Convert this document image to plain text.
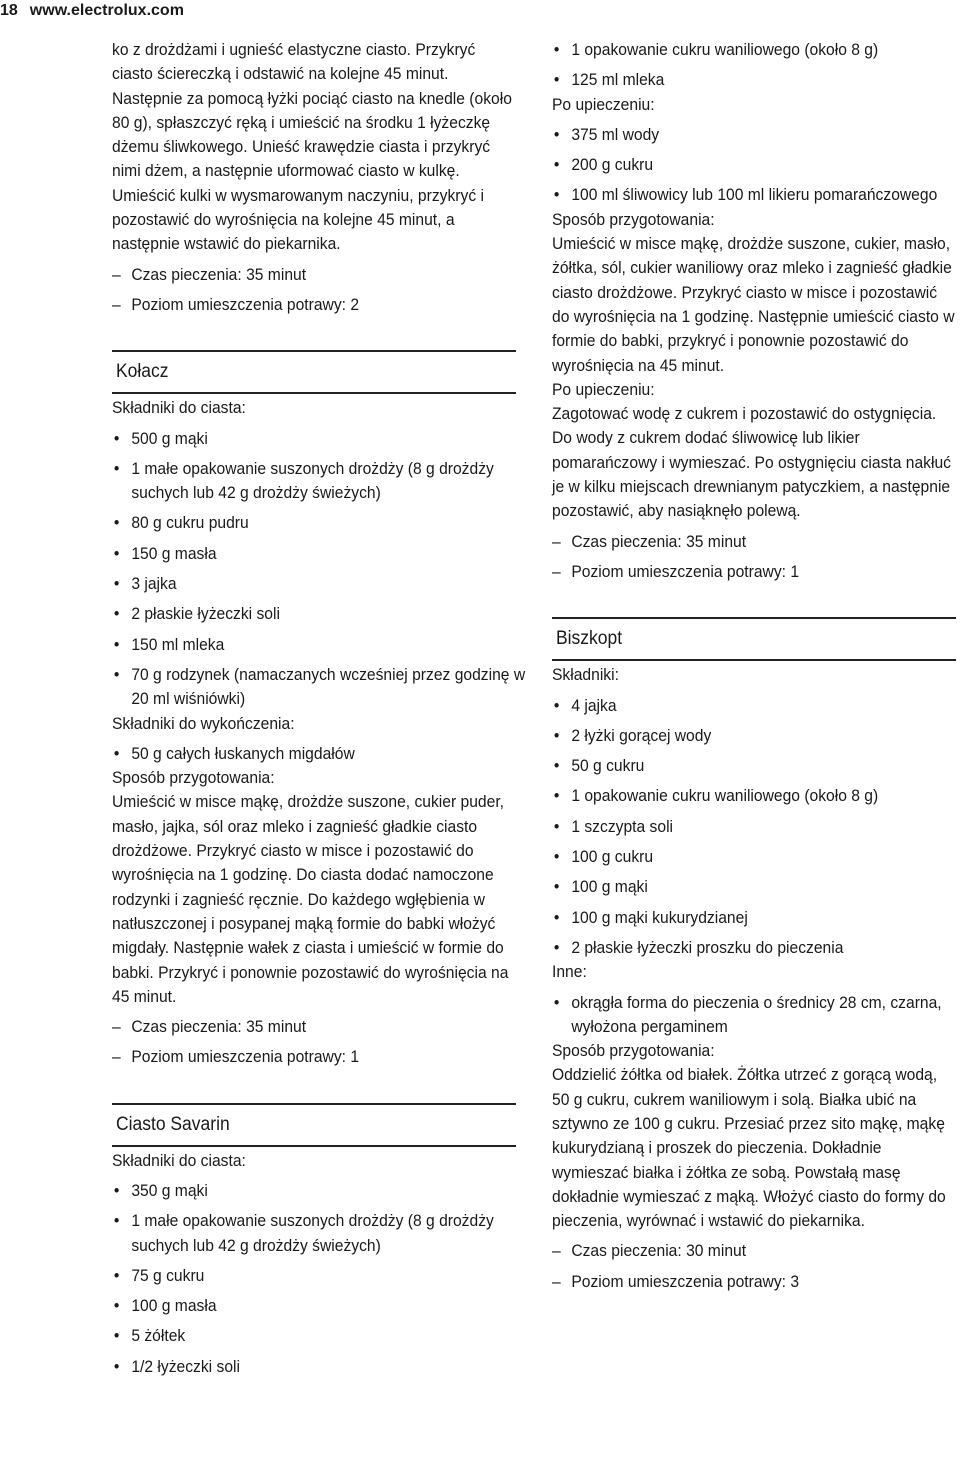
18 www.electrolux.com

ko z drożdżami i ugnieść elastyczne ciasto. Przykryć ciasto ściereczką i odstawić na kolejne 45 minut. Następnie za pomocą łyżki pociąć ciasto na knedle (około 80 g), spłaszczyć ręką i umieścić na środku 1 łyżeczkę dżemu śliwkowego. Unieść krawędzie ciasta i przykryć nimi dżem, a następnie uformować ciasto w kulkę. Umieścić kulki w wysmarowanym naczyniu, przykryć i pozostawić do wyrośnięcia na kolejne 45 minut, a następnie wstawić do piekarnika.

– Czas pieczenia: 35 minut
– Poziom umieszczenia potrawy: 2
Kołacz
Składniki do ciasta:
• 500 g mąki
• 1 małe opakowanie suszonych drożdży (8 g drożdży suchych lub 42 g drożdży świeżych)
• 80 g cukru pudru
• 150 g masła
• 3 jajka
• 2 płaskie łyżeczki soli
• 150 ml mleka
• 70 g rodzynek (namaczanych wcześniej przez godzinę w 20 ml wiśniówki)
Składniki do wykończenia:
• 50 g całych łuskanych migdałów
Sposób przygotowania:

Umieścić w misce mąkę, drożdże suszone, cukier puder, masło, jajka, sól oraz mleko i zagnieść gładkie ciasto drożdżowe. Przykryć ciasto w misce i pozostawić do wyrośnięcia na 1 godzinę. Do ciasta dodać namoczone rodzynki i zagnieść ręcznie. Do każdego wgłębienia w natłuszczonej i posypanej mąką formie do babki włożyć migdały. Następnie wałek z ciasta i umieścić w formie do babki. Przykryć i ponownie pozostawić do wyrośnięcia na 45 minut.

– Czas pieczenia: 35 minut
– Poziom umieszczenia potrawy: 1
Ciasto Savarin
Składniki do ciasta:
• 350 g mąki
• 1 małe opakowanie suszonych drożdży (8 g drożdży suchych lub 42 g drożdży świeżych)
• 75 g cukru
• 100 g masła
• 5 żółtek
• 1/2 łyżeczki soli
• 1 opakowanie cukru waniliowego (około 8 g)
• 125 ml mleka
Po upieczeniu:
• 375 ml wody
• 200 g cukru
• 100 ml śliwowicy lub 100 ml likieru pomarańczowego
Sposób przygotowania:

Umieścić w misce mąkę, drożdże suszone, cukier, masło, żółtka, sól, cukier waniliowy oraz mleko i zagnieść gładkie ciasto drożdżowe. Przykryć ciasto w misce i pozostawić do wyrośnięcia na 1 godzinę. Następnie umieścić ciasto w formie do babki, przykryć i ponownie pozostawić do wyrośnięcia na 45 minut.

Po upieczeniu:

Zagotować wodę z cukrem i pozostawić do ostygnięcia. Do wody z cukrem dodać śliwowicę lub likier pomarańczowy i wymieszać. Po ostygnięciu ciasta nakłuć je w kilku miejscach drewnianym patyczkiem, a następnie pozostawić, aby nasiąknęło polewą.

– Czas pieczenia: 35 minut
– Poziom umieszczenia potrawy: 1
Biszkopt
Składniki:
• 4 jajka
• 2 łyżki gorącej wody
• 50 g cukru
• 1 opakowanie cukru waniliowego (około 8 g)
• 1 szczypta soli
• 100 g cukru
• 100 g mąki
• 100 g mąki kukurydzianej
• 2 płaskie łyżeczki proszku do pieczenia
Inne:
• okrągła forma do pieczenia o średnicy 28 cm, czarna, wyłożona pergaminem
Sposób przygotowania:

Oddzielić żółtka od białek. Żółtka utrzeć z gorącą wodą, 50 g cukru, cukrem waniliowym i solą. Białka ubić na sztywno ze 100 g cukru. Przesiać przez sito mąkę, mąkę kukurydzianą i proszek do pieczenia. Dokładnie wymieszać białka i żółtka ze sobą. Powstałą masę dokładnie wymieszać z mąką. Włożyć ciasto do formy do pieczenia, wyrównać i wstawić do piekarnika.

– Czas pieczenia: 30 minut
– Poziom umieszczenia potrawy: 3
